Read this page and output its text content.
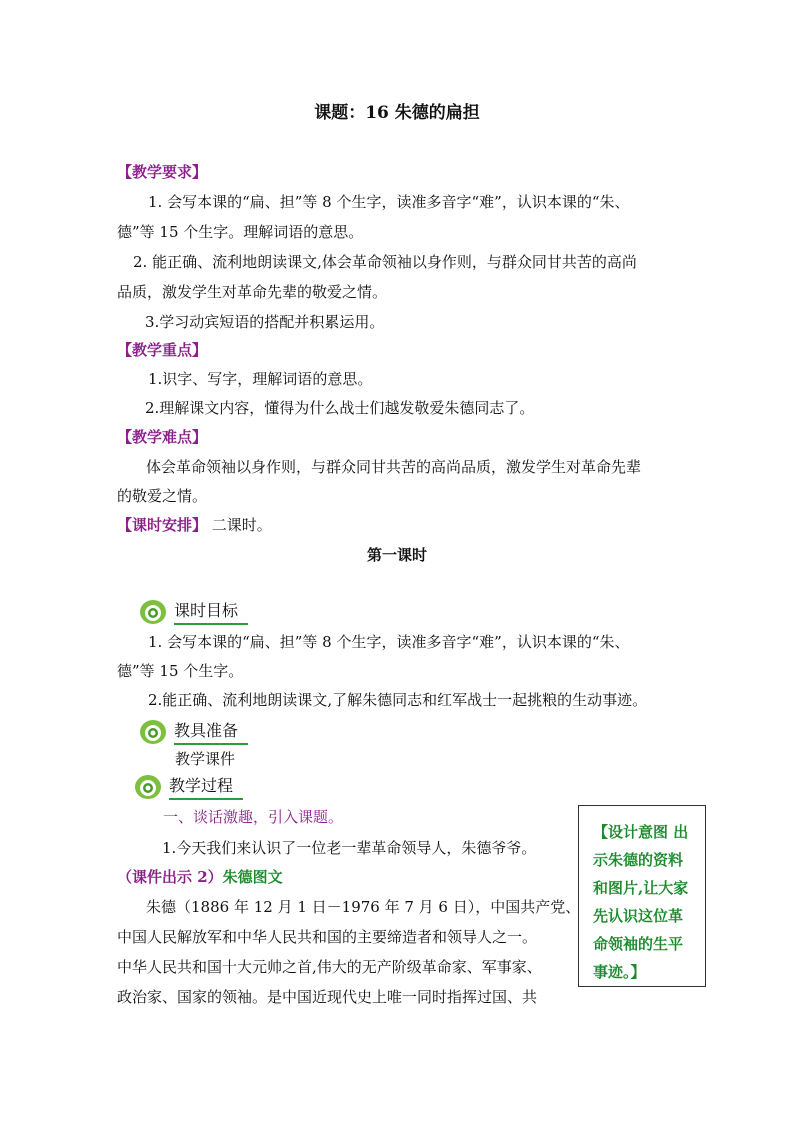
课题：16 朱德的扁担
【教学要求】
1. 会写本课的“扁、担”等 8 个生字，读准多音字“难”，认识本课的“朱、
德”等 15 个生字。理解词语的意思。
2. 能正确、流利地朗读课文,体会革命领袖以身作则，与群众同甘共苦的高尚
品质，激发学生对革命先辈的敬爱之情。
3.学习动宾短语的搭配并积累运用。
【教学重点】
1.识字、写字，理解词语的意思。
2.理解课文内容，懂得为什么战士们越发敬爱朱德同志了。
【教学难点】
体会革命领袖以身作则，与群众同甘共苦的高尚品质，激发学生对革命先辈
的敬爱之情。
【课时安排】 二课时。
第一课时
课时目标
1. 会写本课的“扁、担”等 8 个生字，读准多音字“难”，认识本课的“朱、
德”等 15 个生字。
2.能正确、流利地朗读课文,了解朱德同志和红军战士一起挑粮的生动事迹。
教具准备
教学课件
教学过程
一、谈话激趣，引入课题。
1.今天我们来认识了一位老一辈革命领导人，朱德爷爷。
（课件出示 2）朱德图文
朱德（1886 年 12 月 1 日－1976 年 7 月 6 日），中国共产党、
中国人民解放军和中华人民共和国的主要缔造者和领导人之一。
中华人民共和国十大元帅之首,伟大的无产阶级革命家、军事家、
政治家、国家的领袖。是中国近现代史上唯一同时指挥过国、共
【设计意图 出示朱德的资料和图片,让大家先认识这位革命领袖的生平事迹。】
